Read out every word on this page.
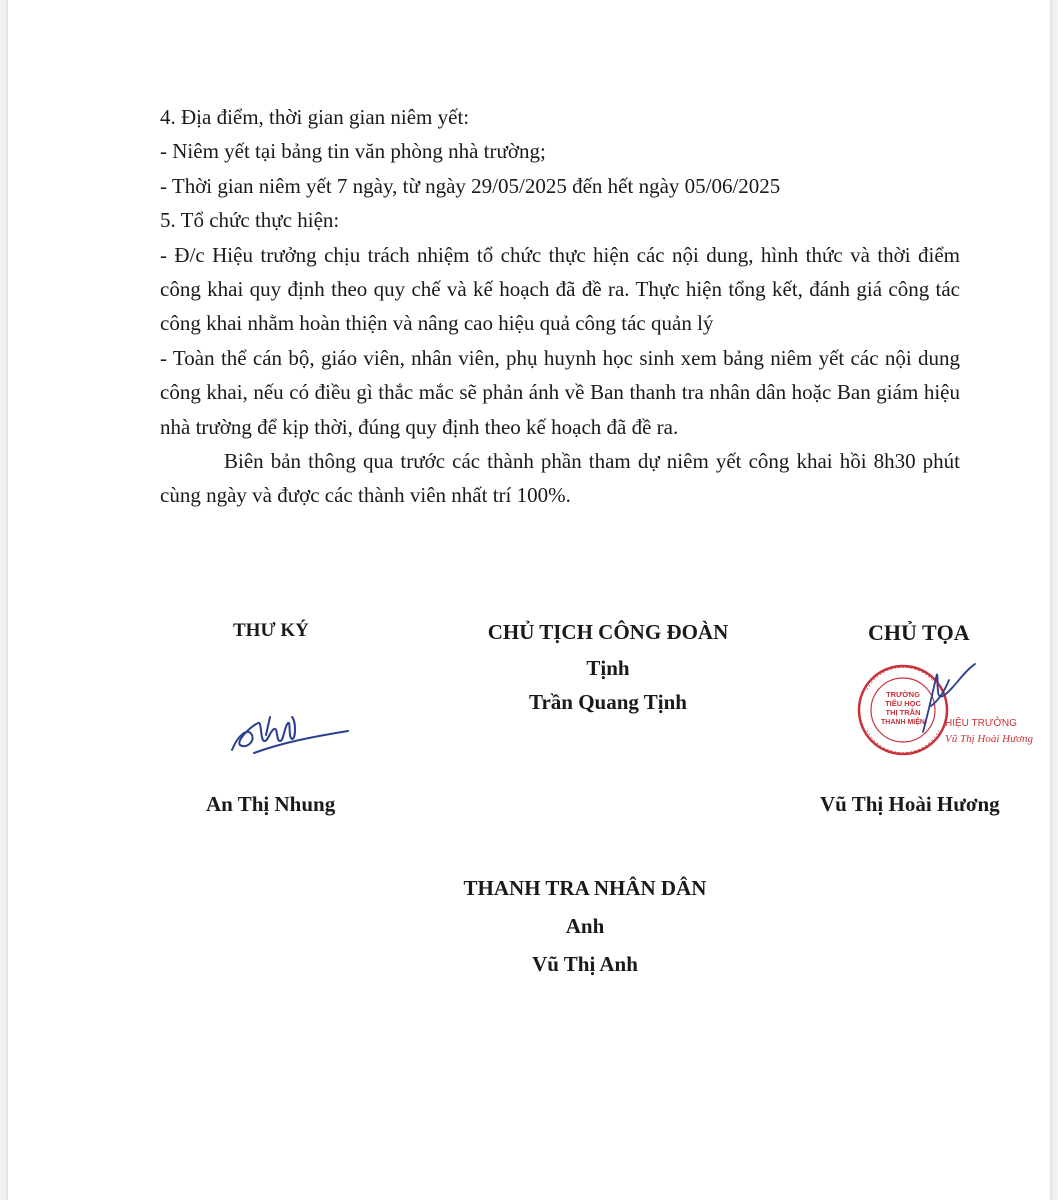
4. Địa điểm, thời gian gian niêm yết:
- Niêm yết tại bảng tin văn phòng nhà trường;
- Thời gian niêm yết 7 ngày, từ ngày 29/05/2025 đến hết ngày 05/06/2025
5. Tổ chức thực hiện:
- Đ/c Hiệu trưởng chịu trách nhiệm tổ chức thực hiện các nội dung, hình thức và thời điểm công khai quy định theo quy chế và kế hoạch đã đề ra. Thực hiện tổng kết, đánh giá công tác công khai nhằm hoàn thiện và nâng cao hiệu quả công tác quản lý
- Toàn thể cán bộ, giáo viên, nhân viên, phụ huynh học sinh xem bảng niêm yết các nội dung công khai, nếu có điều gì thắc mắc sẽ phản ánh về Ban thanh tra nhân dân hoặc Ban giám hiệu nhà trường để kịp thời, đúng quy định theo kế hoạch đã đề ra.
Biên bản thông qua trước các thành phần tham dự niêm yết công khai hồi 8h30 phút cùng ngày và được các thành viên nhất trí 100%.
THƯ KÝ
An Thị Nhung
CHỦ TỊCH CÔNG ĐOÀN
Tịnh
Trần Quang Tịnh
CHỦ TỌA
TRƯỜNG
TIỂU HỌC
THỊ TRẤN
THANH MIỆN HIỆU TRƯỞNG
Vũ Thị Hoài Hương
Vũ Thị Hoài Hương
THANH TRA NHÂN DÂN
Anh
Vũ Thị Anh
